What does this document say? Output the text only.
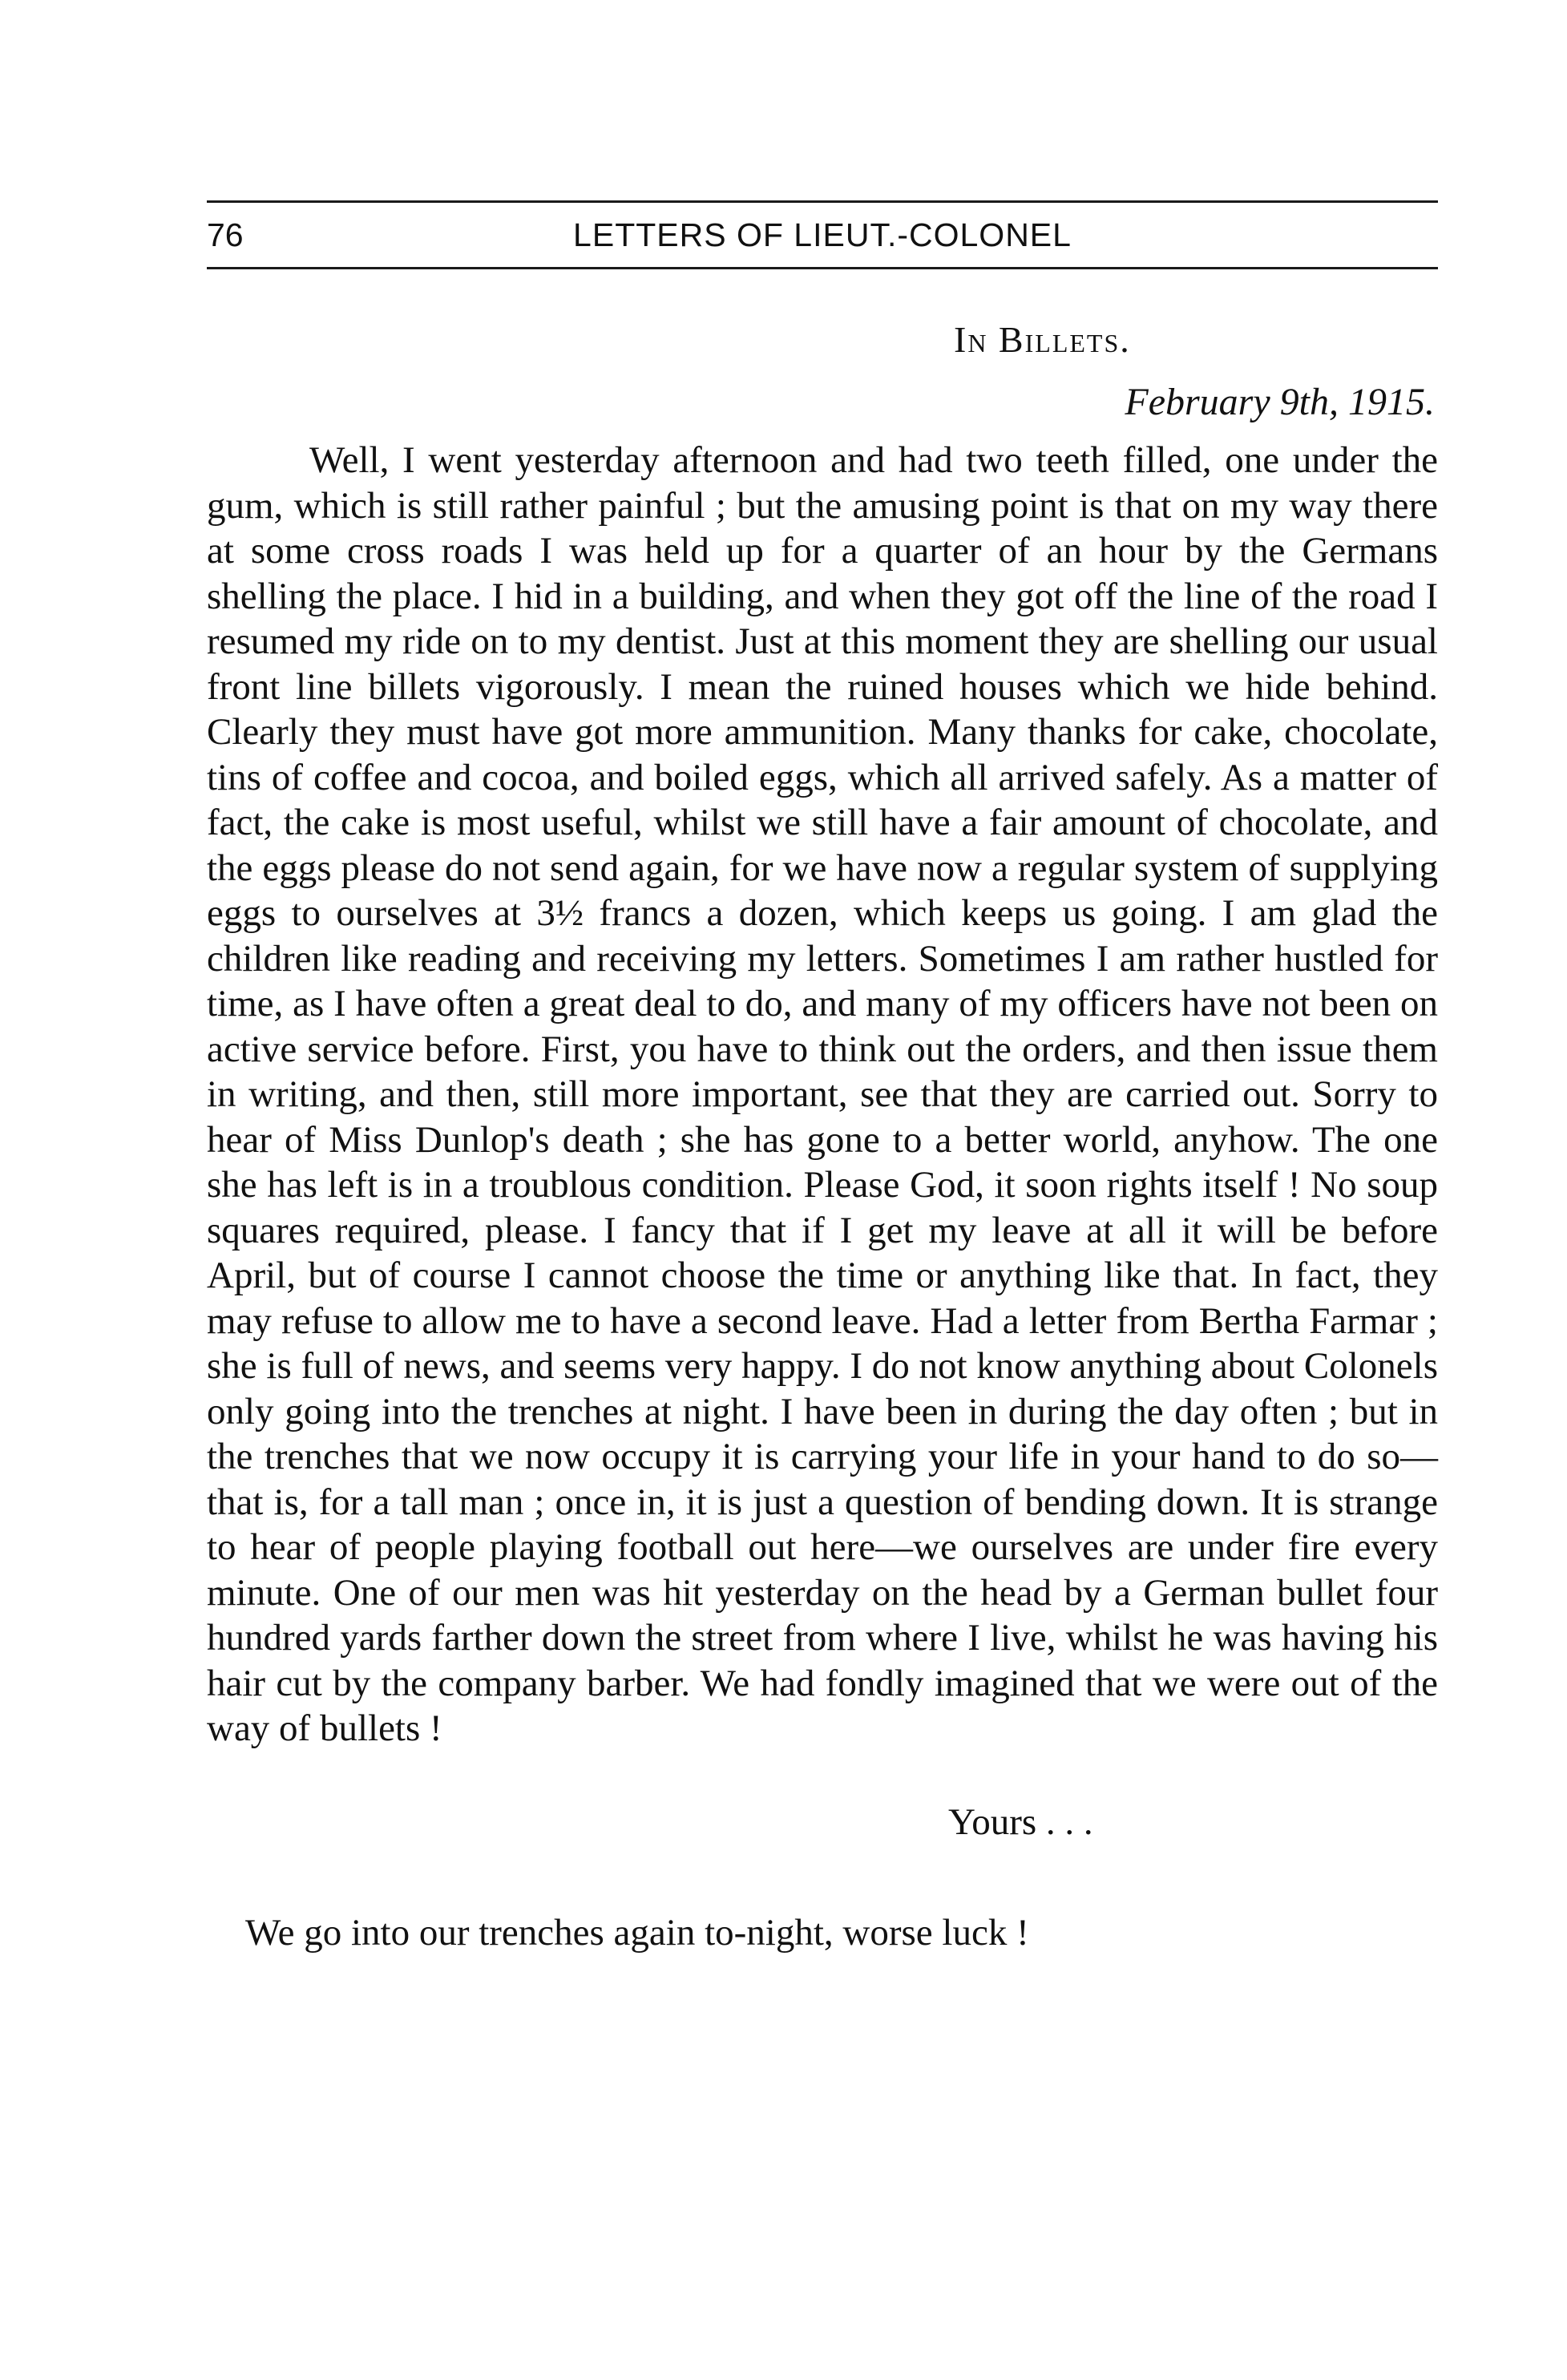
76	LETTERS OF LIEUT.-COLONEL
In Billets.
February 9th, 1915.

Well, I went yesterday afternoon and had two teeth filled, one under the gum, which is still rather painful ; but the amusing point is that on my way there at some cross roads I was held up for a quarter of an hour by the Germans shelling the place. I hid in a building, and when they got off the line of the road I resumed my ride on to my dentist. Just at this moment they are shelling our usual front line billets vigorously. I mean the ruined houses which we hide behind. Clearly they must have got more ammunition. Many thanks for cake, chocolate, tins of coffee and cocoa, and boiled eggs, which all arrived safely. As a matter of fact, the cake is most useful, whilst we still have a fair amount of chocolate, and the eggs please do not send again, for we have now a regular system of supplying eggs to ourselves at 3½ francs a dozen, which keeps us going. I am glad the children like reading and receiving my letters. Sometimes I am rather hustled for time, as I have often a great deal to do, and many of my officers have not been on active service before. First, you have to think out the orders, and then issue them in writing, and then, still more important, see that they are carried out. Sorry to hear of Miss Dunlop's death ; she has gone to a better world, anyhow. The one she has left is in a troublous condition. Please God, it soon rights itself ! No soup squares required, please. I fancy that if I get my leave at all it will be before April, but of course I cannot choose the time or anything like that. In fact, they may refuse to allow me to have a second leave. Had a letter from Bertha Farmar ; she is full of news, and seems very happy. I do not know anything about Colonels only going into the trenches at night. I have been in during the day often ; but in the trenches that we now occupy it is carrying your life in your hand to do so—that is, for a tall man ; once in, it is just a question of bending down. It is strange to hear of people playing football out here—we ourselves are under fire every minute. One of our men was hit yesterday on the head by a German bullet four hundred yards farther down the street from where I live, whilst he was having his hair cut by the company barber. We had fondly imagined that we were out of the way of bullets !

Yours . . .
We go into our trenches again to-night, worse luck !
